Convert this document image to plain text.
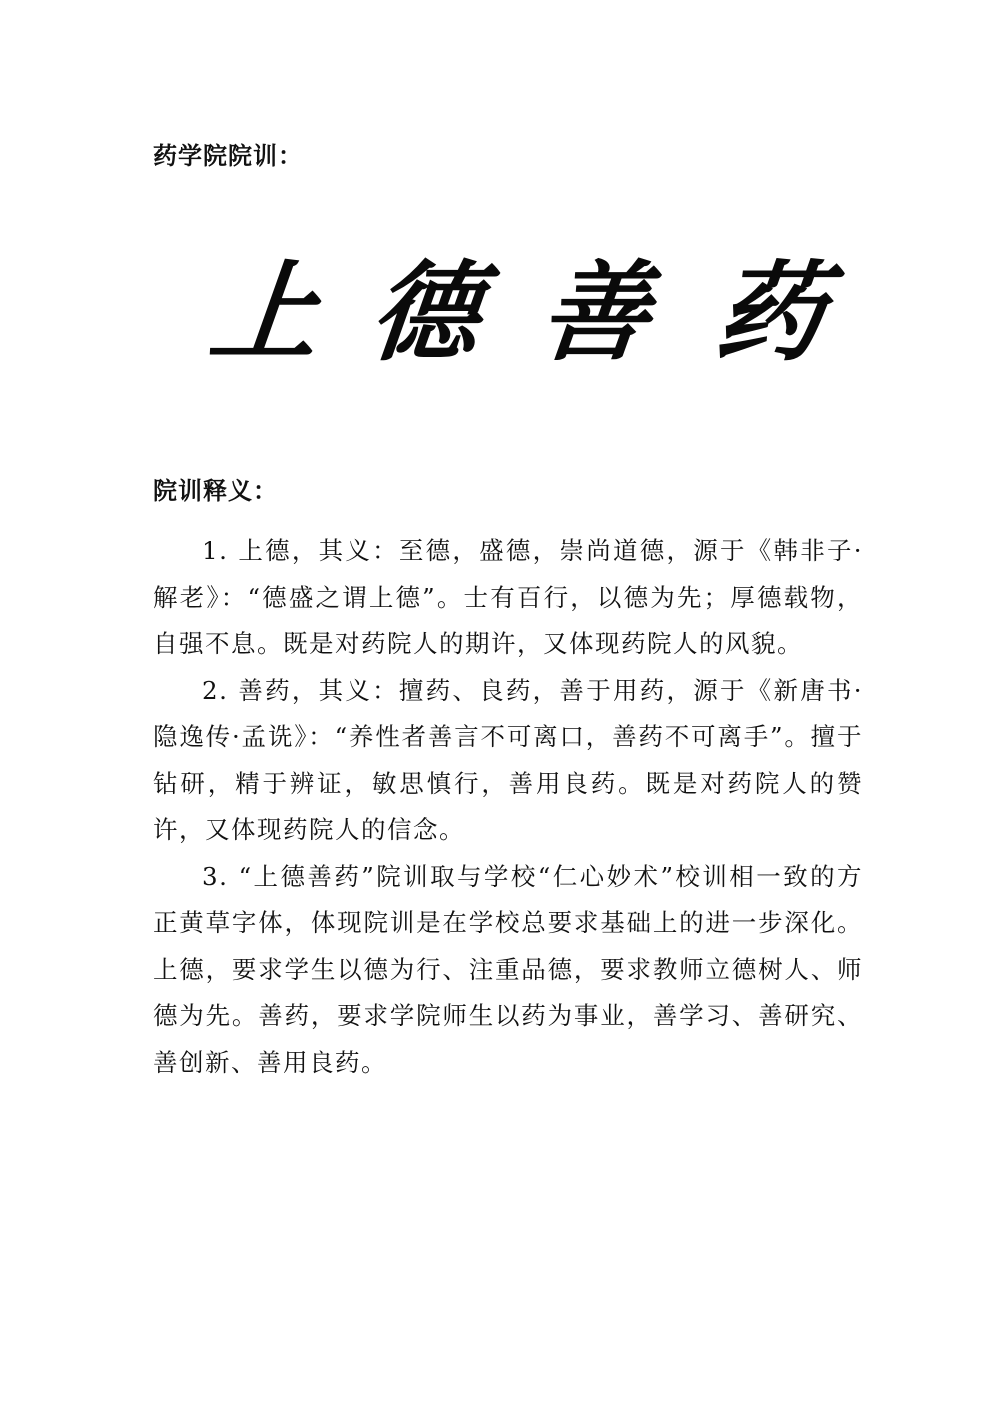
药学院院训：
上 德 善 药
院训释义：

1. 上德，其义：至德，盛德，崇尚道德，源于《韩非子·解老》：“德盛之谓上德”。士有百行，以德为先；厚德载物，自强不息。既是对药院人的期许，又体现药院人的风貌。

2. 善药，其义：擅药、良药，善于用药，源于《新唐书·隐逸传·孟诜》：“养性者善言不可离口，善药不可离手”。擅于钻研，精于辨证，敏思慎行，善用良药。既是对药院人的赞许，又体现药院人的信念。

3. “上德善药”院训取与学校“仁心妙术”校训相一致的方正黄草字体，体现院训是在学校总要求基础上的进一步深化。上德，要求学生以德为行、注重品德，要求教师立德树人、师德为先。善药，要求学院师生以药为事业，善学习、善研究、善创新、善用良药。
